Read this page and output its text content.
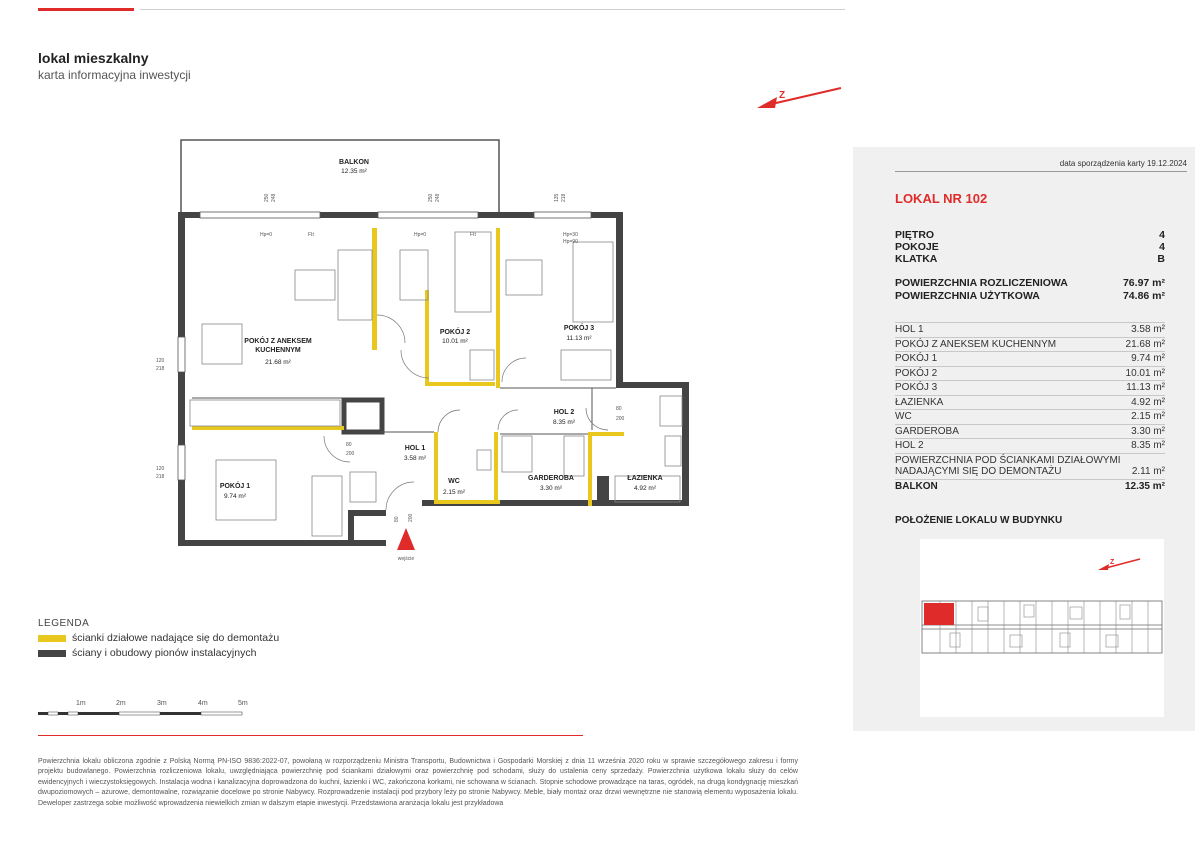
lokal mieszkalny
karta informacyjna inwestycji
Z
wejście
250 248	250 248	135 218
Hp=0	FIt	Hp=0	FIt	Hp=30
Hp=90
120
218
120
218
80
200
80
200
80 200
BALKON
12.35 m²
POKÓJ Z ANEKSEM
KUCHENNYM
21.68 m²
POKÓJ 2
10.01 m²
POKÓJ 3
11.13 m²
HOL 2
8.35 m²
HOL 1
3.58 m²
POKÓJ 1
9.74 m²
WC
2.15 m²
GARDEROBA
3.30 m²
ŁAZIENKA
4.92 m²
LEGENDA
ścianki działowe nadające się do demontażu
ściany i obudowy pionów instalacyjnych
1m	2m	3m	4m	5m
Powierzchnia lokalu obliczona zgodnie z Polską Normą PN-ISO 9836:2022-07, powołaną w rozporządzeniu Ministra Transportu, Budownictwa i Gospodarki Morskiej z dnia 11 września 2020 roku w sprawie szczegółowego zakresu i formy projektu budowlanego. Powierzchnia rozliczeniowa lokalu, uwzględniająca powierzchnię pod ściankami działowymi oraz powierzchnię pod schodami, służy do ustalenia ceny sprzedaży. Powierzchnia użytkowa lokalu służy do celów ewidencyjnych i wieczystoksięgowych. Instalacja wodna i kanalizacyjna doprowadzona do kuchni, łazienki i WC, zakończona korkami, nie schowana w ścianach. Stopnie schodowe prowadzące na taras, ogródek, na drugą kondygnację mieszkań dwupoziomowych – ażurowe, demontowalne, rozwiązanie docelowe po stronie Nabywcy. Rozprowadzenie instalacji pod przybory leży po stronie Nabywcy. Meble, biały montaż oraz drzwi wewnętrzne nie stanowią elementu wyposażenia lokalu. Deweloper zastrzega sobie możliwość wprowadzenia niewielkich zmian w dalszym etapie inwestycji. Przedstawiona aranżacja lokalu jest przykładowa
data sporządzenia karty 19.12.2024
LOKAL NR 102
PIĘTRO	4
POKOJE	4
KLATKA	B
POWIERZCHNIA ROZLICZENIOWA	76.97 m²
POWIERZCHNIA UŻYTKOWA	74.86 m²
HOL 1	3.58 m²
POKÓJ Z ANEKSEM KUCHENNYM	21.68 m²
POKÓJ 1	9.74 m²
POKÓJ 2	10.01 m²
POKÓJ 3	11.13 m²
ŁAZIENKA	4.92 m²
WC	2.15 m²
GARDEROBA	3.30 m²
HOL 2	8.35 m²
POWIERZCHNIA POD ŚCIANKAMI DZIAŁOWYMI
NADAJĄCYMI SIĘ DO DEMONTAŻU	2.11 m²
BALKON	12.35 m²
POŁOŻENIE LOKALU W BUDYNKU
Z
